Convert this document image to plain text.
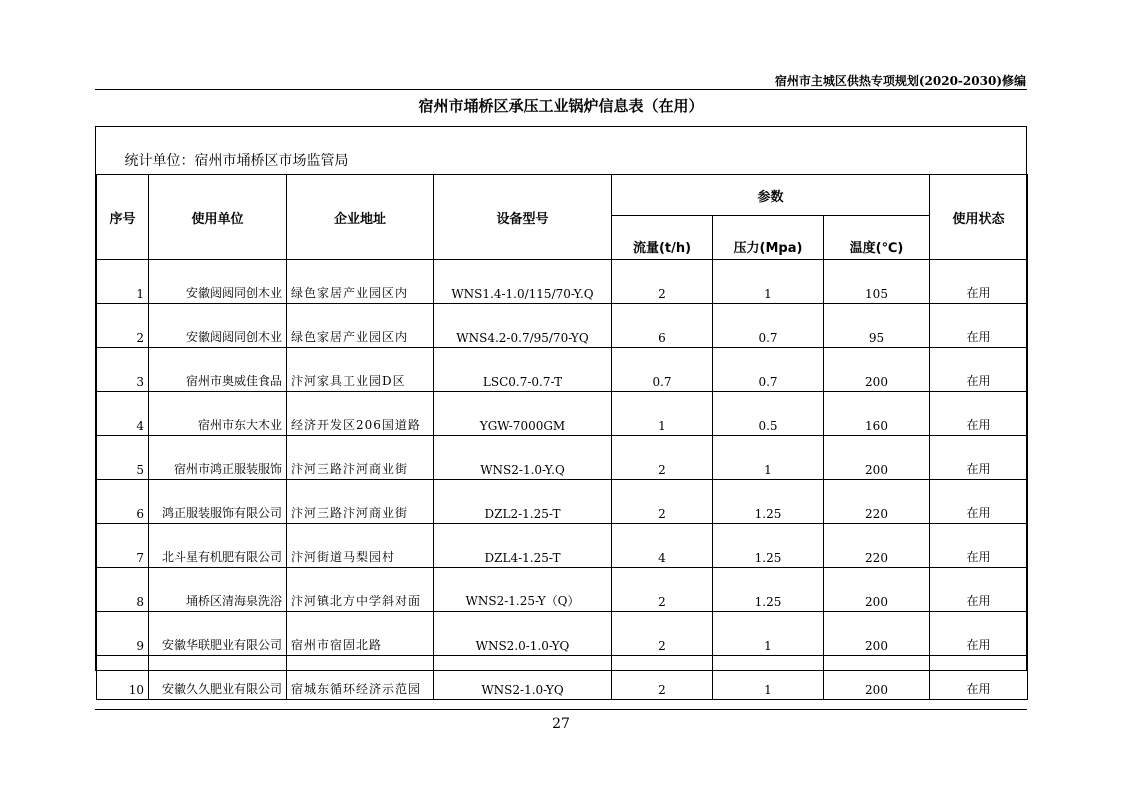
宿州市主城区供热专项规划(2020-2030)修编
宿州市埇桥区承压工业锅炉信息表（在用）
统计单位：宿州市埇桥区市场监管局							
序号	使用单位	企业地址	设备型号	参数			使用状态
				流量(t/h)	压力(Mpa)	温度(℃)	
1	安徽闼闼同创木业	绿色家居产业园区内	WNS1.4-1.0/115/70-Y.Q	2	1	105	在用
2	安徽闼闼同创木业	绿色家居产业园区内	WNS4.2-0.7/95/70-YQ	6	0.7	95	在用
3	宿州市奥威佳食品	汴河家具工业园D区	LSC0.7-0.7-T	0.7	0.7	200	在用
4	宿州市东大木业	经济开发区206国道路	YGW-7000GM	1	0.5	160	在用
5	宿州市鸿正服装服饰	汴河三路汴河商业街	WNS2-1.0-Y.Q	2	1	200	在用
6	鸿正服装服饰有限公司	汴河三路汴河商业街	DZL2-1.25-T	2	1.25	220	在用
7	北斗星有机肥有限公司	汴河街道马梨园村	DZL4-1.25-T	4	1.25	220	在用
8	埇桥区清海泉洗浴	汴河镇北方中学斜对面	WNS2-1.25-Y（Q）	2	1.25	200	在用
9	安徽华联肥业有限公司	宿州市宿固北路	WNS2.0-1.0-YQ	2	1	200	在用
10	安徽久久肥业有限公司	宿城东循环经济示范园	WNS2-1.0-YQ	2	1	200	在用
27
